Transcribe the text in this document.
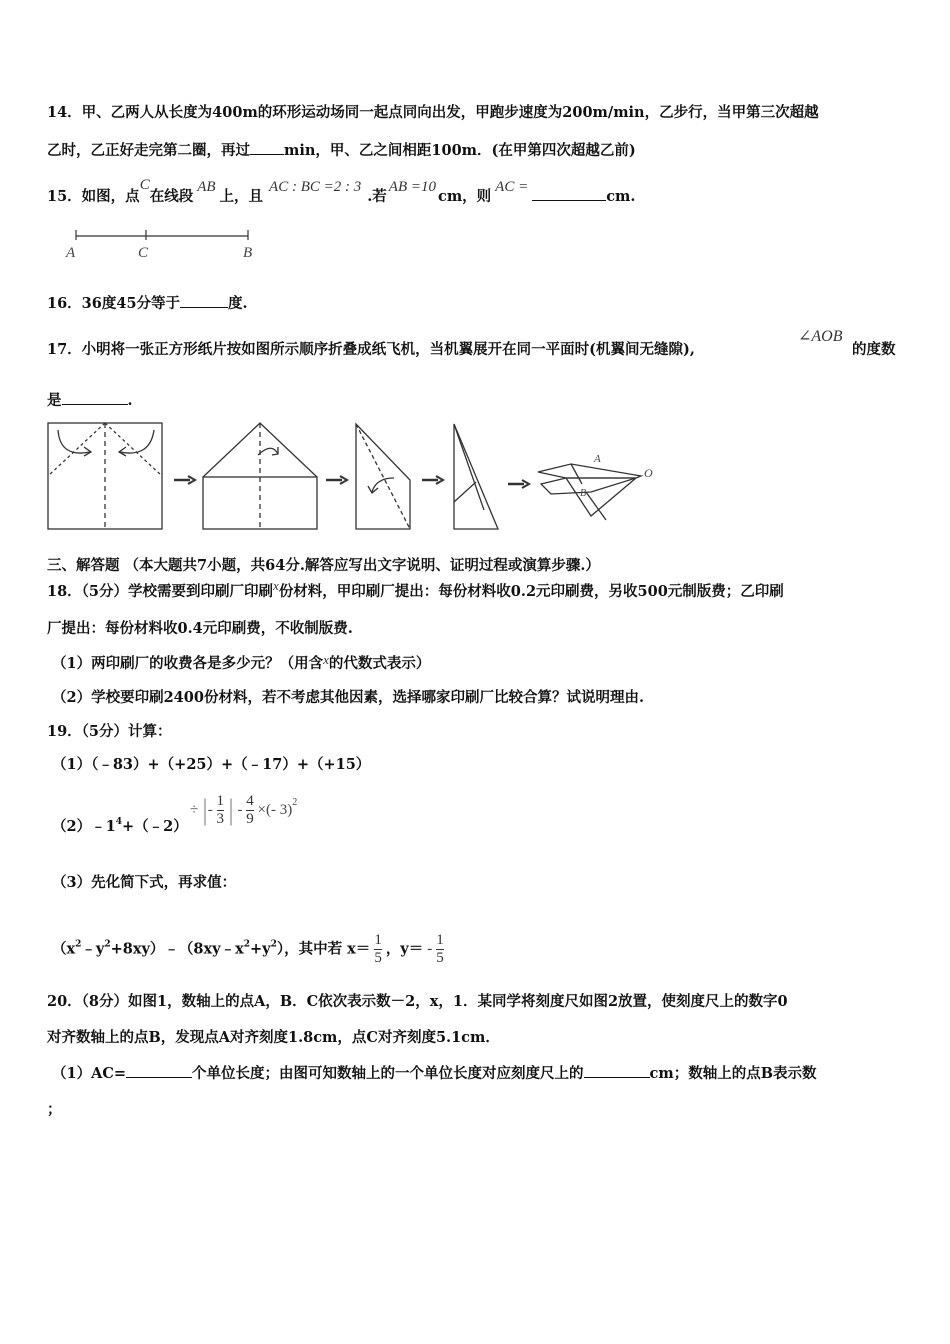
14．甲、乙两人从长度为400m的环形运动场同一起点同向出发，甲跑步速度为200m/min，乙步行，当甲第三次超越
乙时，乙正好走完第二圈，再过 min，甲、乙之间相距100m．(在甲第四次超越乙前)
15．如图，点C在线段AB上，且AC : BC =2 : 3.若AB =10cm，则AC =cm.
A	C	B
16．36度45分等于	度.
17．小明将一张正方形纸片按如图所示顺序折叠成纸飞机，当机翼展开在同一平面时(机翼间无缝隙),
∠AOB
的度数
是	.
A
B
O
三、解答题 （本大题共7小题，共64分.解答应写出文字说明、证明过程或演算步骤.）
18．（5分）学校需要到印刷厂印刷x份材料，甲印刷厂提出：每份材料收0.2元印刷费，另收500元制版费；乙印刷
厂提出：每份材料收0.4元印刷费，不收制版费.
（1）两印刷厂的收费各是多少元？（用含x的代数式表示）
（2）学校要印刷2400份材料，若不考虑其他因素，选择哪家印刷厂比较合算？试说明理由.
19．（5分）计算：
（1）（﹣83）+（+25）+（﹣17）+（+15）
$(2)﹣1^4+(﹣2)$
÷ | - $\frac{1}{3}$ | - $\frac{4}{9}$ ×(- 3)2
（3）先化简下式，再求值：
$(x^2﹣y^2+8xy)﹣(8xy﹣x^2+y^2)$，其中若 $x= \frac{1}{5}$ ，$y= - \frac{1}{5}$
20．（8分）如图1，数轴上的点A，B．C依次表示数－2，x，1．某同学将刻度尺如图2放置，使刻度尺上的数字0
对齐数轴上的点B，发现点A对齐刻度1.8cm，点C对齐刻度5.1cm．
（1）AC=	个单位长度；由图可知数轴上的一个单位长度对应刻度尺上的	cm；数轴上的点B表示数
；
